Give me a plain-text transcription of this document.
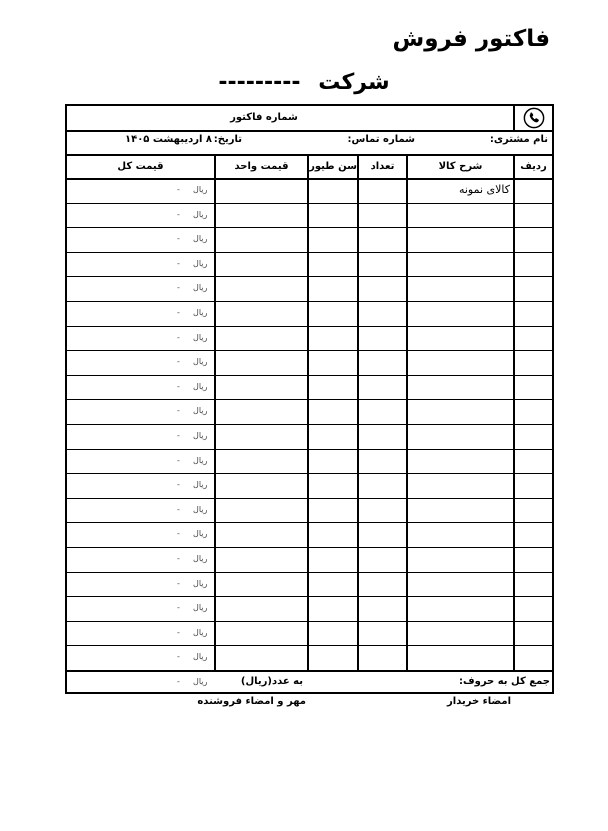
فاکتور فروش
شرکت ---------
شماره فاکتور
نام مشتری:
شماره تماس:
تاریخ:
۸ اردیبهشت ۱۴۰۵
ردیف
شرح کالا
تعداد
سن طیور
قیمت واحد
قیمت کل
کالای نمونه
- ریال
- ریال
- ریال
- ریال
- ریال
- ریال
- ریال
- ریال
- ریال
- ریال
- ریال
- ریال
- ریال
- ریال
- ریال
- ریال
- ریال
- ریال
- ریال
- ریال
جمع کل به حروف:
به عدد(ریال)
- ریال
امضاء خریدار
مهر و امضاء فروشنده
